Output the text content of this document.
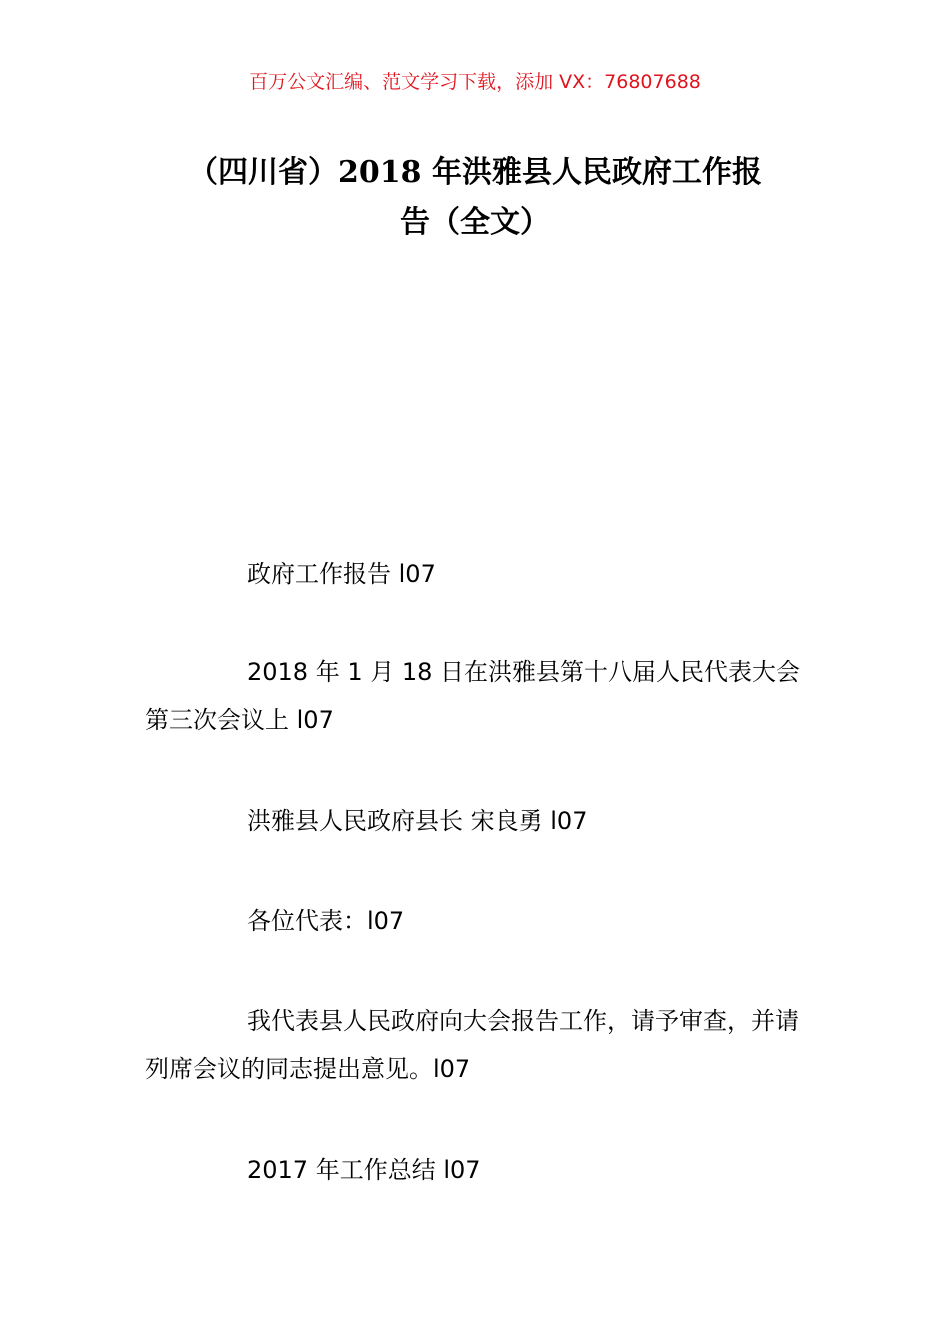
百万公文汇编、范文学习下载，添加 VX：76807688
（四川省）2018 年洪雅县人民政府工作报
告（全文）

政府工作报告 l07

2018 年 1 月 18 日在洪雅县第十八届人民代表大会第三次会议上 l07

洪雅县人民政府县长 宋良勇 l07

各位代表：l07

我代表县人民政府向大会报告工作，请予审查，并请列席会议的同志提出意见。l07

2017 年工作总结 l07
